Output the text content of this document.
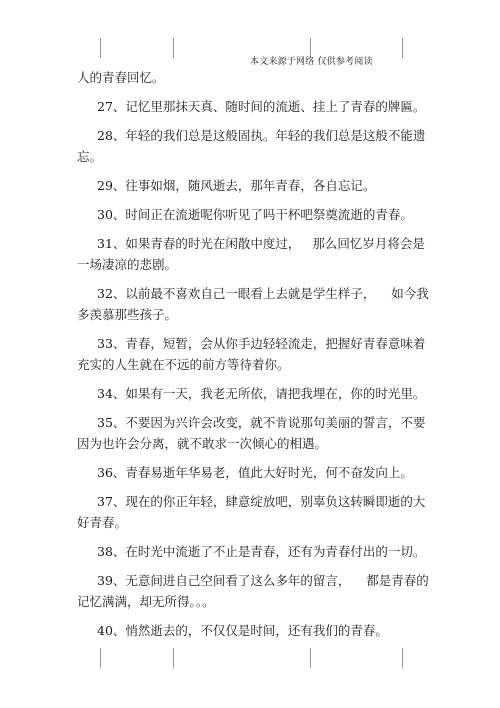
本文来源于网络 仅供参考阅读

人的青春回忆。

27、记忆里那抹天真、随时间的流逝、挂上了青春的牌匾。

28、年轻的我们总是这般固执。年轻的我们总是这般不能遗忘。

29、往事如烟，随风逝去，那年青春，各自忘记。

30、时间正在流逝呢你听见了吗干杯吧祭奠流逝的青春。

31、如果青春的时光在闲散中度过，   那么回忆岁月将会是一场凄凉的悲剧。

32、以前最不喜欢自己一眼看上去就是学生样子，    如今我多羡慕那些孩子。

33、青春，短暂，会从你手边轻轻流走，把握好青春意味着充实的人生就在不远的前方等待着你。

34、如果有一天，我老无所依，请把我埋在，你的时光里。

35、不要因为兴许会改变，就不肯说那句美丽的誓言，不要因为也许会分离，就不敢求一次倾心的相遇。

36、青春易逝年华易老，值此大好时光，何不奋发向上。

37、现在的你正年轻，肆意绽放吧，别辜负这转瞬即逝的大好青春。

38、在时光中流逝了不止是青春，还有为青春付出的一切。

39、无意间进自己空间看了这么多年的留言，    都是青春的记忆满满，却无所得。。。

40、悄然逝去的，不仅仅是时间，还有我们的青春。
